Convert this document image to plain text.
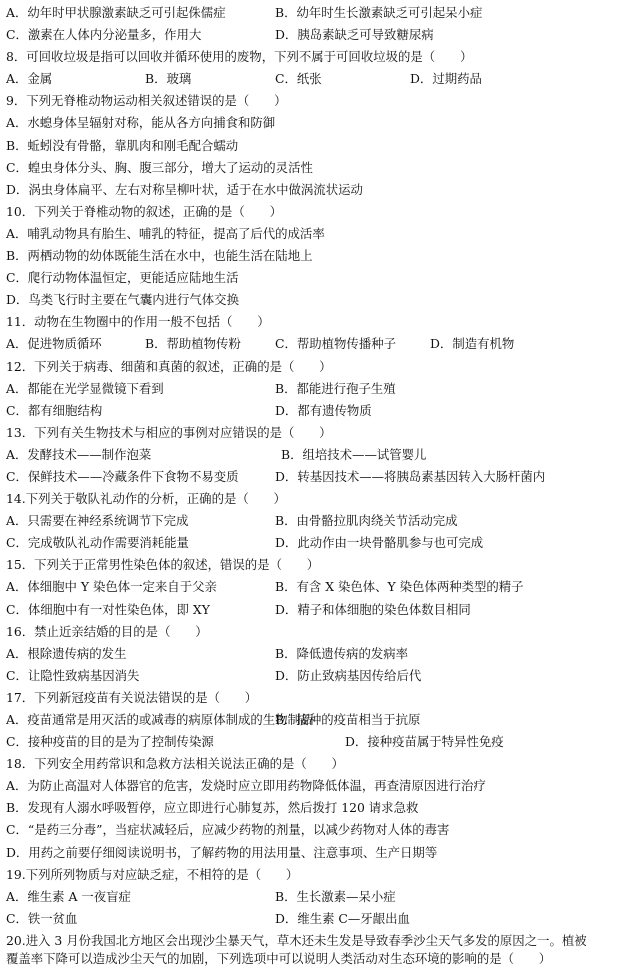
A．幼年时甲状腺激素缺乏可引起侏儒症	B．幼年时生长激素缺乏可引起呆小症
C．激素在人体内分泌量多，作用大	D．胰岛素缺乏可导致糖尿病
8．可回收垃圾是指可以回收并循环使用的废物，下列不属于可回收垃圾的是（　　）
A．金属	B．玻璃	C．纸张	D．过期药品
9．下列无脊椎动物运动相关叙述错误的是（　　）
A．水螅身体呈辐射对称，能从各方向捕食和防御
B．蚯蚓没有骨骼，靠肌肉和刚毛配合蠕动
C．蝗虫身体分头、胸、腹三部分，增大了运动的灵活性
D．涡虫身体扁平、左右对称呈柳叶状，适于在水中做涡流状运动
10．下列关于脊椎动物的叙述，正确的是（　　）
A．哺乳动物具有胎生、哺乳的特征，提高了后代的成活率
B．两栖动物的幼体既能生活在水中，也能生活在陆地上
C．爬行动物体温恒定，更能适应陆地生活
D．鸟类飞行时主要在气囊内进行气体交换
11．动物在生物圈中的作用一般不包括（　　）
A．促进物质循环	B．帮助植物传粉	C．帮助植物传播种子	D．制造有机物
12．下列关于病毒、细菌和真菌的叙述，正确的是（　　）
A．都能在光学显微镜下看到	B．都能进行孢子生殖
C．都有细胞结构	D．都有遗传物质
13．下列有关生物技术与相应的事例对应错误的是（　　）
A．发酵技术——制作泡菜	B．组培技术——试管婴儿
C．保鲜技术——冷藏条件下食物不易变质	D．转基因技术——将胰岛素基因转入大肠杆菌内
14.下列关于敬队礼动作的分析，正确的是（　　）
A．只需要在神经系统调节下完成	B．由骨骼拉肌肉绕关节活动完成
C．完成敬队礼动作需要消耗能量	D．此动作由一块骨骼肌参与也可完成
15．下列关于正常男性染色体的叙述，错误的是（　　）
A．体细胞中 Y 染色体一定来自于父亲	B．有含 X 染色体、Y 染色体两种类型的精子
C．体细胞中有一对性染色体，即 XY	D．精子和体细胞的染色体数目相同
16．禁止近亲结婚的目的是（　　）
A．根除遗传病的发生	B．降低遗传病的发病率
C．让隐性致病基因消失	D．防止致病基因传给后代
17．下列新冠疫苗有关说法错误的是（　　）
A．疫苗通常是用灭活的或减毒的病原体制成的生物制品
B．接种的疫苗相当于抗原
C．接种疫苗的目的是为了控制传染源	D．接种疫苗属于特异性免疫
18．下列安全用药常识和急救方法相关说法正确的是（　　）
A．为防止高温对人体器官的危害，发烧时应立即用药物降低体温，再查清原因进行治疗
B．发现有人溺水呼吸暂停，应立即进行心肺复苏，然后拨打 120 请求急救
C．“是药三分毒”，当症状减轻后，应减少药物的剂量，以减少药物对人体的毒害
D．用药之前要仔细阅读说明书，了解药物的用法用量、注意事项、生产日期等
19.下列所列物质与对应缺乏症，不相符的是（　　）
A．维生素 A 一夜盲症	B．生长激素—呆小症
C．铁一贫血	D．维生素 C—牙龈出血
20.进入 3 月份我国北方地区会出现沙尘暴天气，草木还未生发是导致春季沙尘天气多发的原因之一。植被
覆盖率下降可以造成沙尘天气的加剧，下列选项中可以说明人类活动对生态环境的影响的是（　　）
